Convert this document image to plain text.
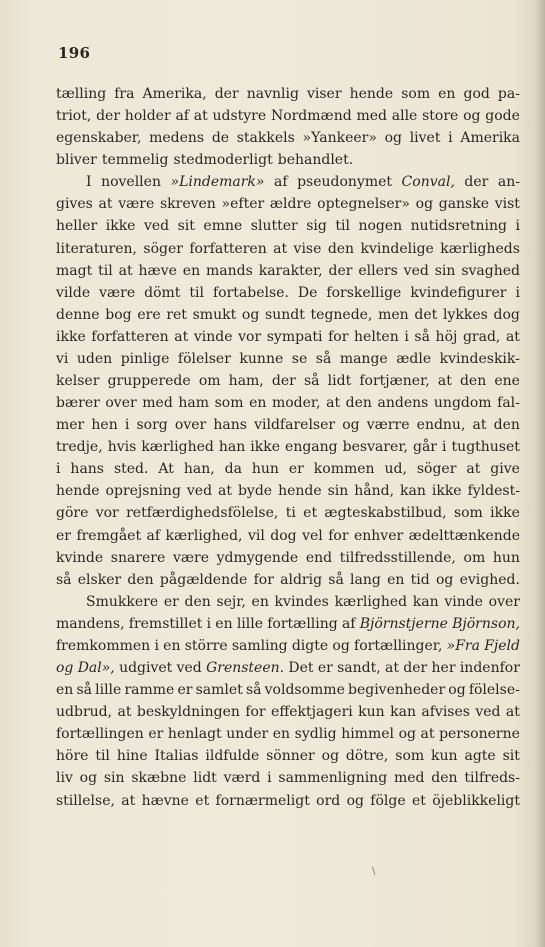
196
tælling fra Amerika, der navnlig viser hende som en god pa-
triot, der holder af at udstyre Nordmænd med alle store og gode
egenskaber, medens de stakkels »Yankeer» og livet i Amerika
bliver temmelig stedmoderligt behandlet.
I novellen »Lindemark» af pseudonymet Conval, der an-
gives at være skreven »efter ældre optegnelser» og ganske vist
heller ikke ved sit emne slutter sig til nogen nutidsretning i
literaturen, söger forfatteren at vise den kvindelige kærligheds
magt til at hæve en mands karakter, der ellers ved sin svaghed
vilde være dömt til fortabelse. De forskellige kvindefigurer i
denne bog ere ret smukt og sundt tegnede, men det lykkes dog
ikke forfatteren at vinde vor sympati for helten i så höj grad, at
vi uden pinlige fölelser kunne se så mange ædle kvindeskik-
kelser grupperede om ham, der så lidt fortjæner, at den ene
bærer over med ham som en moder, at den andens ungdom fal-
mer hen i sorg over hans vildfarelser og værre endnu, at den
tredje, hvis kærlighed han ikke engang besvarer, går i tugthuset
i hans sted. At han, da hun er kommen ud, söger at give
hende oprejsning ved at byde hende sin hånd, kan ikke fyldest-
göre vor retfærdighedsfölelse, ti et ægteskabstilbud, som ikke
er fremgået af kærlighed, vil dog vel for enhver ædelttænkende
kvinde snarere være ydmygende end tilfredsstillende, om hun
så elsker den pågældende for aldrig så lang en tid og evighed.
Smukkere er den sejr, en kvindes kærlighed kan vinde over
mandens, fremstillet i en lille fortælling af Björnstjerne Björnson,
fremkommen i en större samling digte og fortællinger, »Fra Fjeld
og Dal», udgivet ved Grensteen. Det er sandt, at der her indenfor
en så lille ramme er samlet så voldsomme begivenheder og fölelse-
udbrud, at beskyldningen for effektjageri kun kan afvises ved at
fortællingen er henlagt under en sydlig himmel og at personerne
höre til hine Italias ildfulde sönner og dötre, som kun agte sit
liv og sin skæbne lidt værd i sammenligning med den tilfreds-
stillelse, at hævne et fornærmeligt ord og fölge et öjeblikkeligt
\
